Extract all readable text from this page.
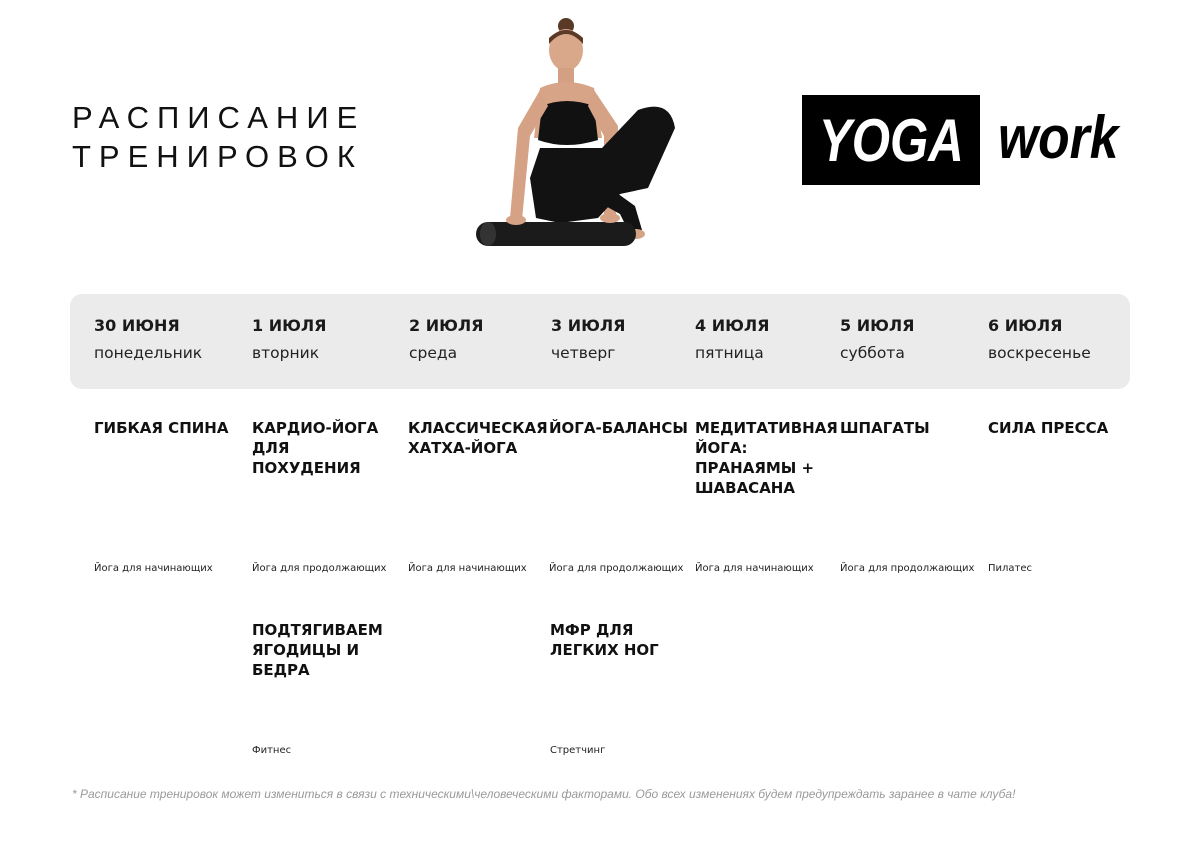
РАСПИСАНИЕ
ТРЕНИРОВОК	YOGA work
30 ИЮНЯ
понедельник
1 ИЮЛЯ
вторник
2 ИЮЛЯ
среда
3 ИЮЛЯ
четверг
4 ИЮЛЯ
пятница
5 ИЮЛЯ
суббота
6 ИЮЛЯ
воскресенье
ГИБКАЯ СПИНА
Йога для начинающих
КАРДИО-ЙОГА
ДЛЯ ПОХУДЕНИЯ
Йога для продолжающих
КЛАССИЧЕСКАЯ
ХАТХА-ЙОГА
Йога для начинающих
ЙОГА-БАЛАНСЫ
Йога для продолжающих
МЕДИТАТИВНАЯ
ЙОГА:
ПРАНАЯМЫ +
ШАВАСАНА
Йога для начинающих
ШПАГАТЫ
Йога для продолжающих
СИЛА ПРЕССА
Пилатес
ПОДТЯГИВАЕМ
ЯГОДИЦЫ И
БЕДРА
Фитнес
МФР ДЛЯ
ЛЕГКИХ НОГ
Стретчинг
* Расписание тренировок может измениться в связи с техническими\человеческими факторами. Обо всех изменениях будем предупреждать заранее в чате клуба!
